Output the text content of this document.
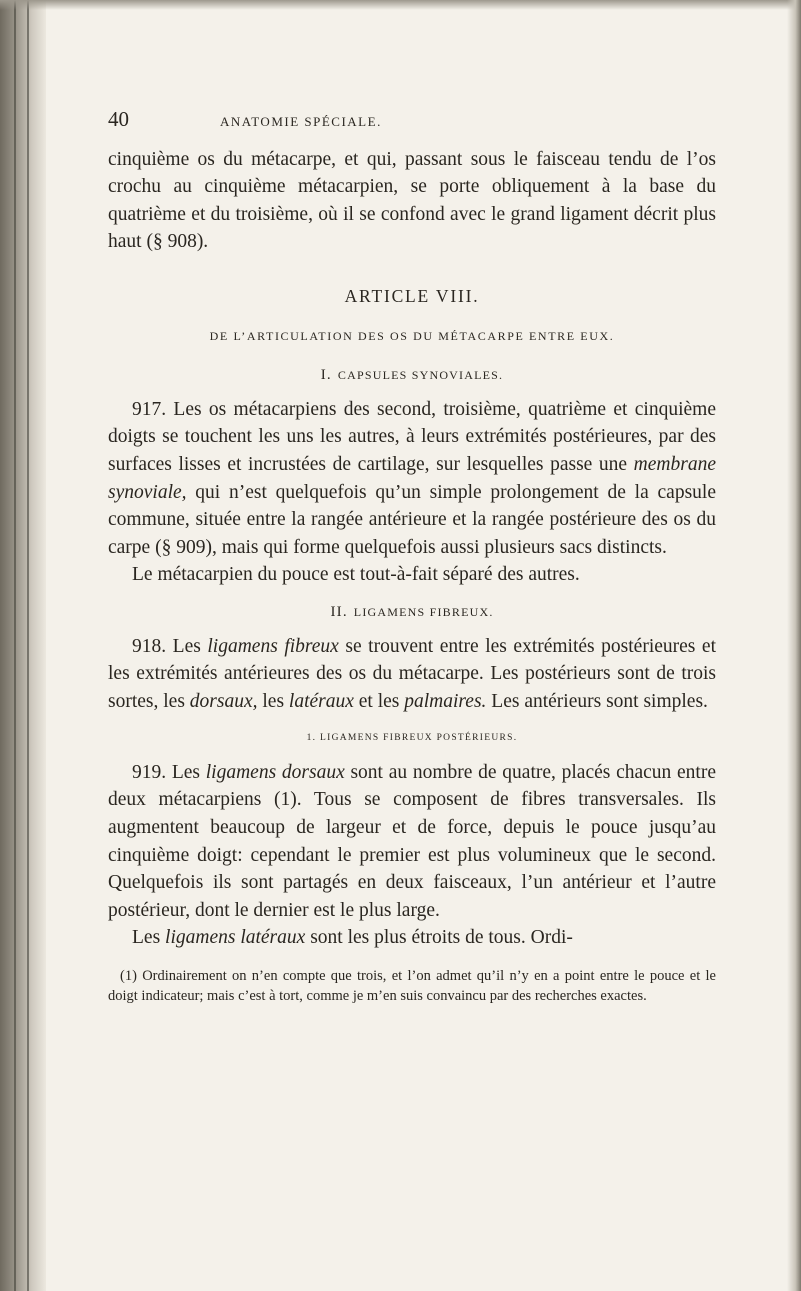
40	ANATOMIE SPÉCIALE.

cinquième os du métacarpe, et qui, passant sous le faisceau tendu de l’os crochu au cinquième métacarpien, se porte obliquement à la base du quatrième et du troisième, où il se confond avec le grand ligament décrit plus haut (§ 908).

ARTICLE VIII.
DE L’ARTICULATION DES OS DU MÉTACARPE ENTRE EUX.
I. CAPSULES SYNOVIALES.

917. Les os métacarpiens des second, troisième, quatrième et cinquième doigts se touchent les uns les autres, à leurs extrémités postérieures, par des surfaces lisses et incrustées de cartilage, sur lesquelles passe une membrane synoviale, qui n’est quelquefois qu’un simple prolongement de la capsule commune, située entre la rangée antérieure et la rangée postérieure des os du carpe (§ 909), mais qui forme quelquefois aussi plusieurs sacs distincts.

Le métacarpien du pouce est tout-à-fait séparé des autres.

II. LIGAMENS FIBREUX.

918. Les ligamens fibreux se trouvent entre les extrémités postérieures et les extrémités antérieures des os du métacarpe. Les postérieurs sont de trois sortes, les dorsaux, les latéraux et les palmaires. Les antérieurs sont simples.

1. LIGAMENS FIBREUX POSTÉRIEURS.

919. Les ligamens dorsaux sont au nombre de quatre, placés chacun entre deux métacarpiens (1). Tous se composent de fibres transversales. Ils augmentent beaucoup de largeur et de force, depuis le pouce jusqu’au cinquième doigt: cependant le premier est plus volumineux que le second. Quelquefois ils sont partagés en deux faisceaux, l’un antérieur et l’autre postérieur, dont le dernier est le plus large.

Les ligamens latéraux sont les plus étroits de tous. Ordi-

(1) Ordinairement on n’en compte que trois, et l’on admet qu’il n’y en a point entre le pouce et le doigt indicateur; mais c’est à tort, comme je m’en suis convaincu par des recherches exactes.
